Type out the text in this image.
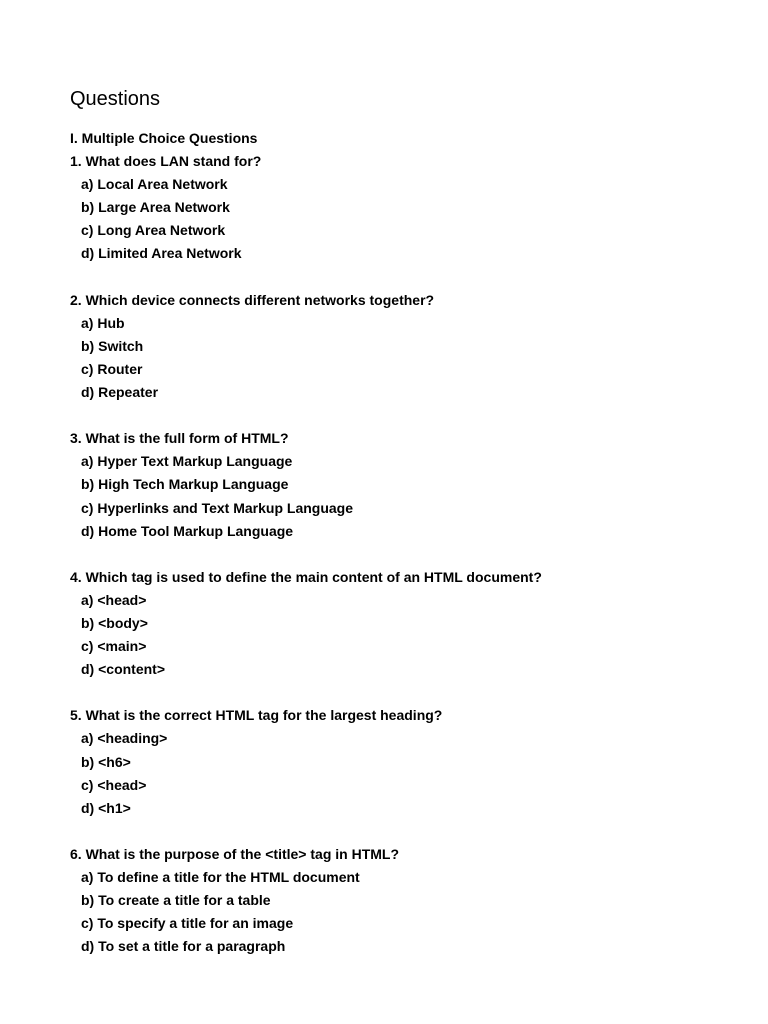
Questions
I. Multiple Choice Questions
1. What does LAN stand for?
a) Local Area Network
b) Large Area Network
c) Long Area Network
d) Limited Area Network
2. Which device connects different networks together?
a) Hub
b) Switch
c) Router
d) Repeater
3. What is the full form of HTML?
a) Hyper Text Markup Language
b) High Tech Markup Language
c) Hyperlinks and Text Markup Language
d) Home Tool Markup Language
4. Which tag is used to define the main content of an HTML document?
a) <head>
b) <body>
c) <main>
d) <content>
5. What is the correct HTML tag for the largest heading?
a) <heading>
b) <h6>
c) <head>
d) <h1>
6. What is the purpose of the <title> tag in HTML?
a) To define a title for the HTML document
b) To create a title for a table
c) To specify a title for an image
d) To set a title for a paragraph
